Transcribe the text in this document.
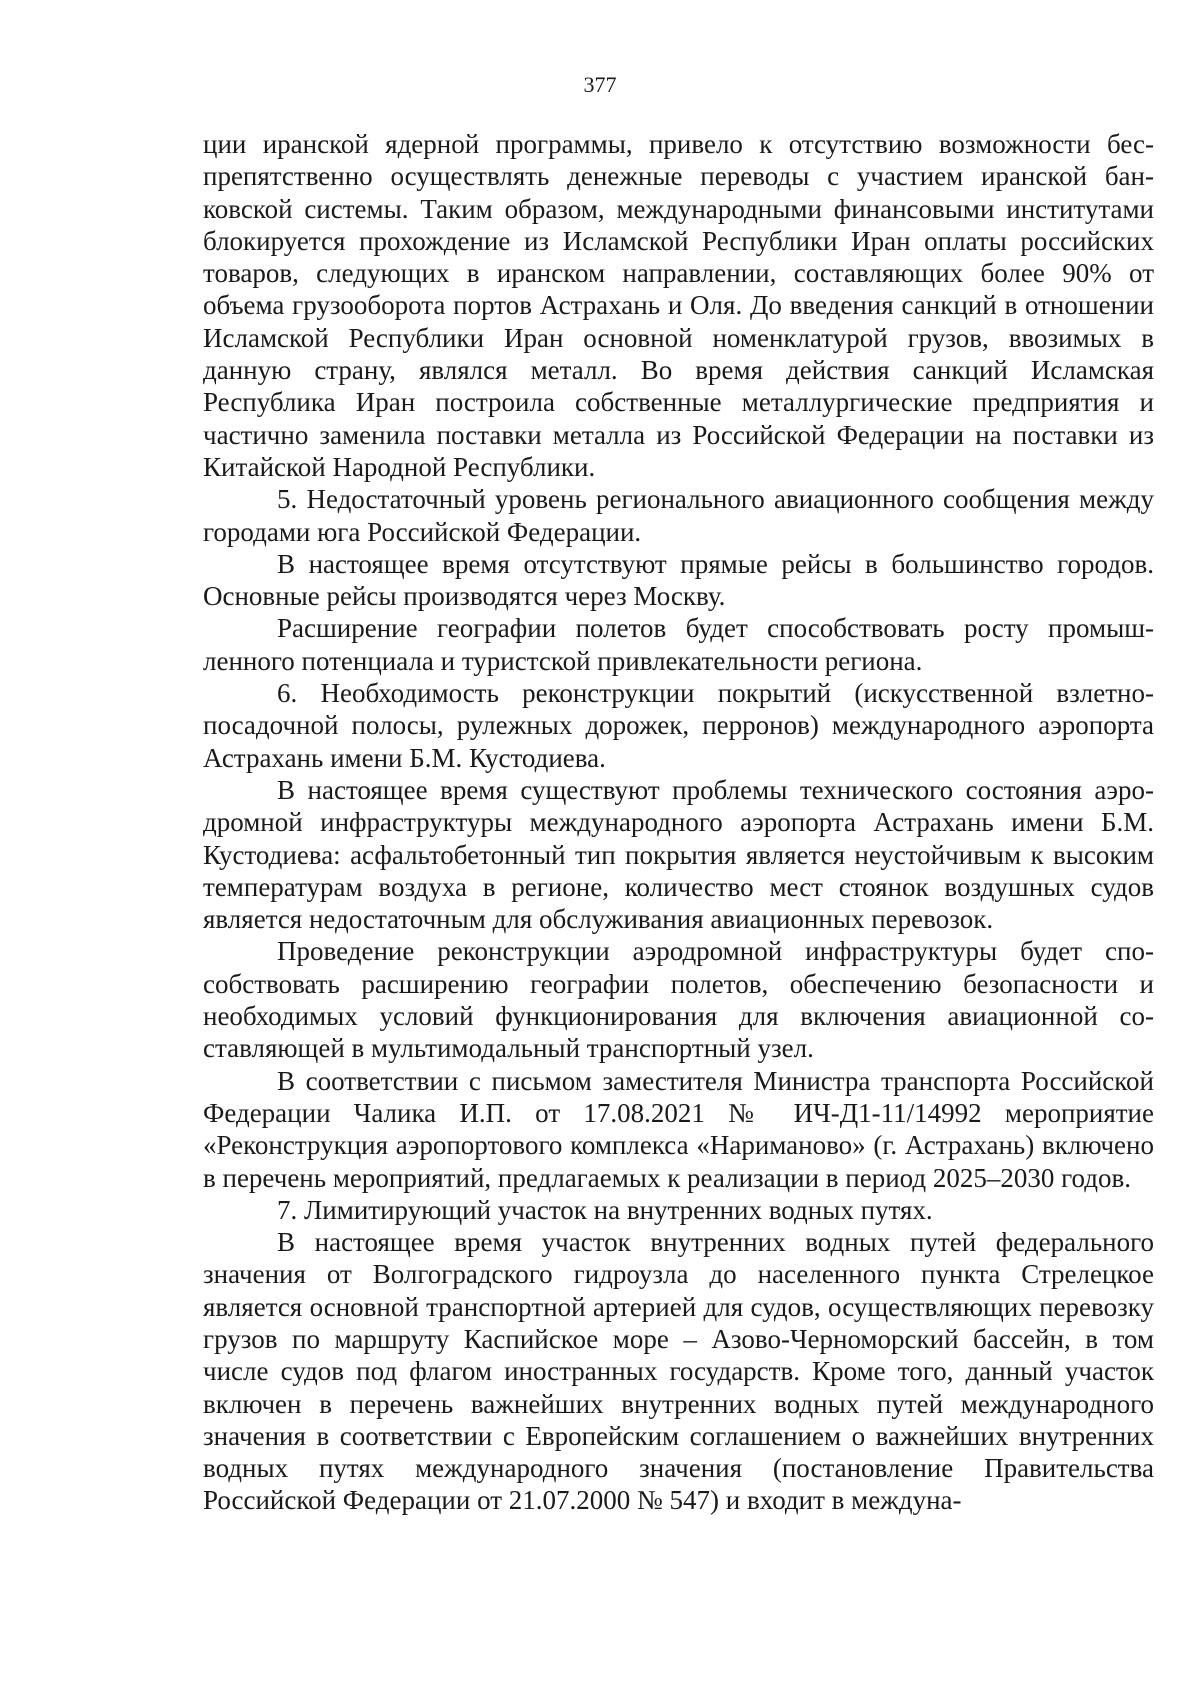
377

ции иранской ядерной программы, привело к отсутствию возможности беспрепятственно осуществлять денежные переводы с участием иранской банковской системы. Таким образом, международными финансовыми институтами блокируется прохождение из Исламской Республики Иран оплаты российских товаров, следующих в иранском направлении, составляющих более 90% от объема грузооборота портов Астрахань и Оля. До введения санкций в отношении Исламской Республики Иран основной номенклатурой грузов, ввозимых в данную страну, являлся металл. Во время действия санкций Исламская Республика Иран построила собственные металлургические предприятия и частично заменила поставки металла из Российской Федерации на поставки из Китайской Народной Республики.

5. Недостаточный уровень регионального авиационного сообщения между городами юга Российской Федерации.

В настоящее время отсутствуют прямые рейсы в большинство городов. Основные рейсы производятся через Москву.

Расширение географии полетов будет способствовать росту промышленного потенциала и туристской привлекательности региона.

6. Необходимость реконструкции покрытий (искусственной взлетно-посадочной полосы, рулежных дорожек, перронов) международного аэропорта Астрахань имени Б.М. Кустодиева.

В настоящее время существуют проблемы технического состояния аэродромной инфраструктуры международного аэропорта Астрахань имени Б.М. Кустодиева: асфальтобетонный тип покрытия является неустойчивым к высоким температурам воздуха в регионе, количество мест стоянок воздушных судов является недостаточным для обслуживания авиационных перевозок.

Проведение реконструкции аэродромной инфраструктуры будет способствовать расширению географии полетов, обеспечению безопасности и необходимых условий функционирования для включения авиационной составляющей в мультимодальный транспортный узел.

В соответствии с письмом заместителя Министра транспорта Российской Федерации Чалика И.П. от 17.08.2021 № ИЧ-Д1-11/14992 мероприятие «Реконструкция аэропортового комплекса «Нариманово» (г. Астрахань) включено в перечень мероприятий, предлагаемых к реализации в период 2025–2030 годов.

7. Лимитирующий участок на внутренних водных путях.

В настоящее время участок внутренних водных путей федерального значения от Волгоградского гидроузла до населенного пункта Стрелецкое является основной транспортной артерией для судов, осуществляющих перевозку грузов по маршруту Каспийское море – Азово-Черноморский бассейн, в том числе судов под флагом иностранных государств. Кроме того, данный участок включен в перечень важнейших внутренних водных путей международного значения в соответствии с Европейским соглашением о важнейших внутренних водных путях международного значения (постановление Правительства Российской Федерации от 21.07.2000 № 547) и входит в междуна-
